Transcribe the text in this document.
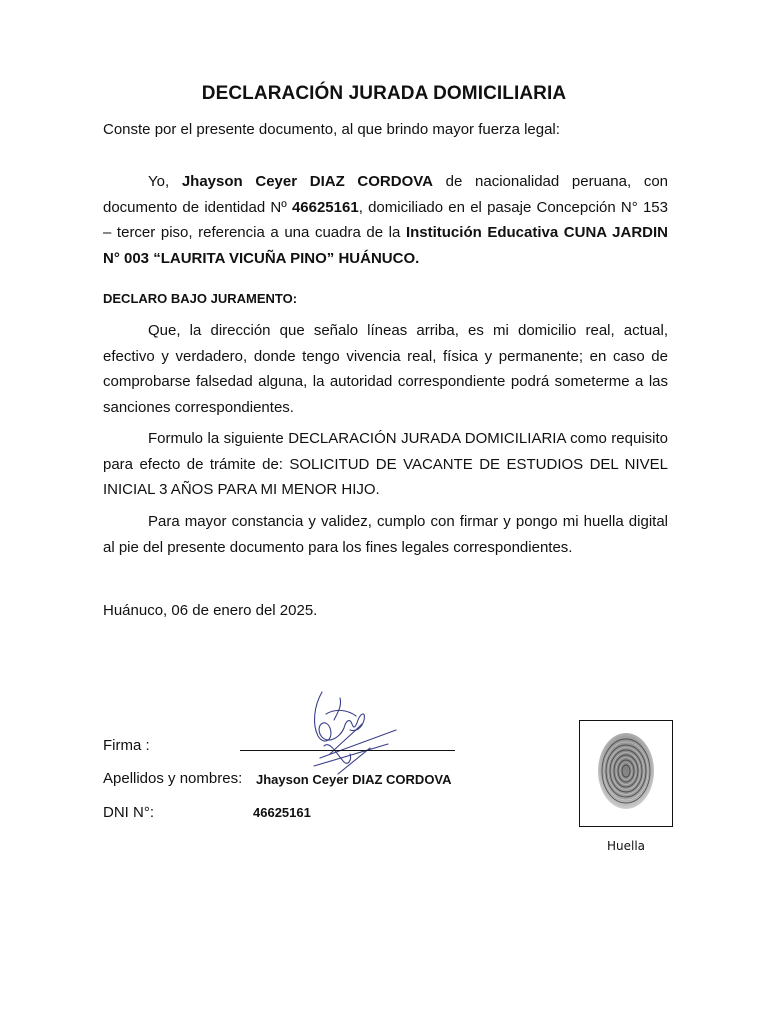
DECLARACIÓN JURADA DOMICILIARIA
Conste por el presente documento, al que brindo mayor fuerza legal:
Yo, Jhayson Ceyer DIAZ CORDOVA de nacionalidad peruana, con documento de identidad Nº 46625161, domiciliado en el pasaje Concepción N° 153 – tercer piso, referencia a una cuadra de la Institución Educativa CUNA JARDIN N° 003 “LAURITA VICUÑA PINO” HUÁNUCO.
DECLARO BAJO JURAMENTO:
Que, la dirección que señalo líneas arriba, es mi domicilio real, actual, efectivo y verdadero, donde tengo vivencia real, física y permanente; en caso de comprobarse falsedad alguna, la autoridad correspondiente podrá someterme a las sanciones correspondientes.
Formulo la siguiente DECLARACIÓN JURADA DOMICILIARIA como requisito para efecto de trámite de: SOLICITUD DE VACANTE DE ESTUDIOS DEL NIVEL INICIAL 3 AÑOS PARA MI MENOR HIJO.
Para mayor constancia y validez, cumplo con firmar y pongo mi huella digital al pie del presente documento para los fines legales correspondientes.
Huánuco, 06 de enero del 2025.
Firma :
Apellidos y nombres: Jhayson Ceyer DIAZ CORDOVA
DNI N°:	46625161
Huella
